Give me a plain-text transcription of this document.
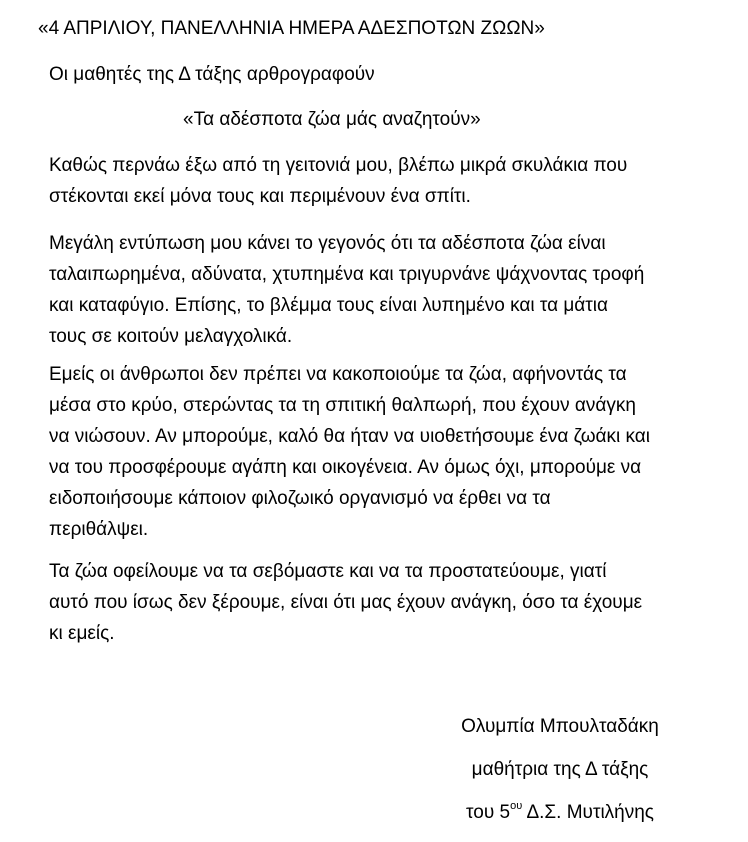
«4 ΑΠΡΙΛΙΟΥ, ΠΑΝΕΛΛΗΝΙΑ ΗΜΕΡΑ ΑΔΕΣΠΟΤΩΝ ΖΩΩΝ»
Οι μαθητές της Δ τάξης αρθρογραφούν
«Τα αδέσποτα ζώα μάς αναζητούν»
Καθώς περνάω έξω από τη γειτονιά μου, βλέπω μικρά σκυλάκια που
στέκονται εκεί μόνα τους και περιμένουν ένα σπίτι.
Μεγάλη εντύπωση μου κάνει το γεγονός ότι τα αδέσποτα ζώα είναι
ταλαιπωρημένα, αδύνατα, χτυπημένα και τριγυρνάνε ψάχνοντας τροφή
και καταφύγιο. Επίσης, το βλέμμα τους είναι λυπημένο και τα μάτια
τους σε κοιτούν μελαγχολικά.
Εμείς οι άνθρωποι δεν πρέπει να κακοποιούμε τα ζώα, αφήνοντάς τα
μέσα στο κρύο, στερώντας τα τη σπιτική θαλπωρή, που έχουν ανάγκη
να νιώσουν. Αν μπορούμε, καλό θα ήταν να υιοθετήσουμε ένα ζωάκι και
να του προσφέρουμε αγάπη και οικογένεια. Αν όμως όχι, μπορούμε να
ειδοποιήσουμε κάποιον φιλοζωικό οργανισμό να έρθει να τα
περιθάλψει.
Τα ζώα οφείλουμε να τα σεβόμαστε και να τα προστατεύουμε, γιατί
αυτό που ίσως δεν ξέρουμε, είναι ότι μας έχουν ανάγκη, όσο τα έχουμε
κι εμείς.
Ολυμπία Μπουλταδάκη
μαθήτρια της Δ τάξης
του $5^{o\upsilon}$ Δ.Σ. Μυτιλήνης
